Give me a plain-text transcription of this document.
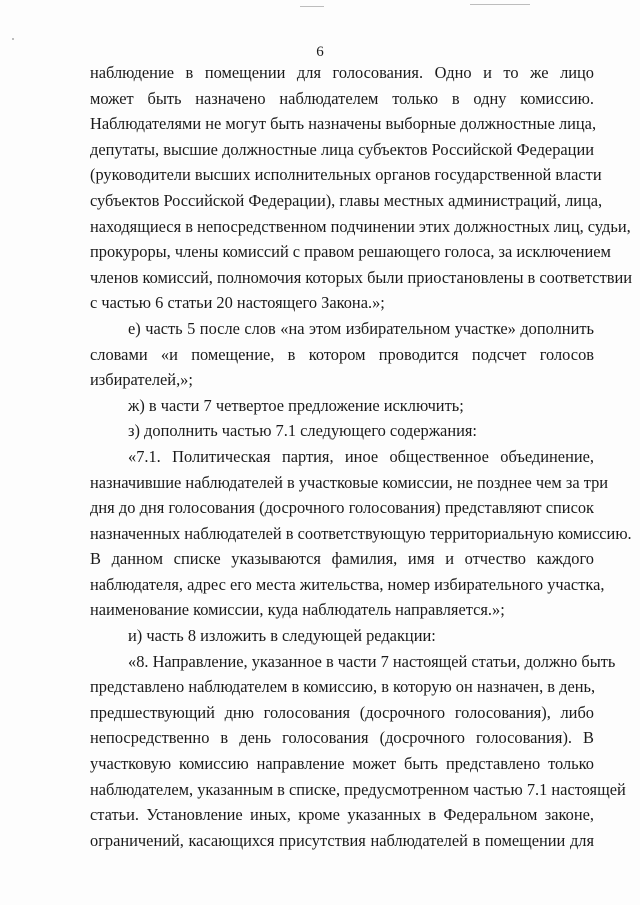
6
наблюдение в помещении для голосования. Одно и то же лицо
может быть назначено наблюдателем только в одну комиссию.
Наблюдателями не могут быть назначены выборные должностные лица,
депутаты, высшие должностные лица субъектов Российской Федерации
(руководители высших исполнительных органов государственной власти
субъектов Российской Федерации), главы местных администраций, лица,
находящиеся в непосредственном подчинении этих должностных лиц, судьи,
прокуроры, члены комиссий с правом решающего голоса, за исключением
членов комиссий, полномочия которых были приостановлены в соответствии
с частью 6 статьи 20 настоящего Закона.»;
е) часть 5 после слов «на этом избирательном участке» дополнить
словами «и помещение, в котором проводится подсчет голосов
избирателей,»;
ж) в части 7 четвертое предложение исключить;
з) дополнить частью 7.1 следующего содержания:
«7.1. Политическая партия, иное общественное объединение,
назначившие наблюдателей в участковые комиссии, не позднее чем за три
дня до дня голосования (досрочного голосования) представляют список
назначенных наблюдателей в соответствующую территориальную комиссию.
В данном списке указываются фамилия, имя и отчество каждого
наблюдателя, адрес его места жительства, номер избирательного участка,
наименование комиссии, куда наблюдатель направляется.»;
и) часть 8 изложить в следующей редакции:
«8. Направление, указанное в части 7 настоящей статьи, должно быть
представлено наблюдателем в комиссию, в которую он назначен, в день,
предшествующий дню голосования (досрочного голосования), либо
непосредственно в день голосования (досрочного голосования). В
участковую комиссию направление может быть представлено только
наблюдателем, указанным в списке, предусмотренном частью 7.1 настоящей
статьи. Установление иных, кроме указанных в Федеральном законе,
ограничений, касающихся присутствия наблюдателей в помещении для
